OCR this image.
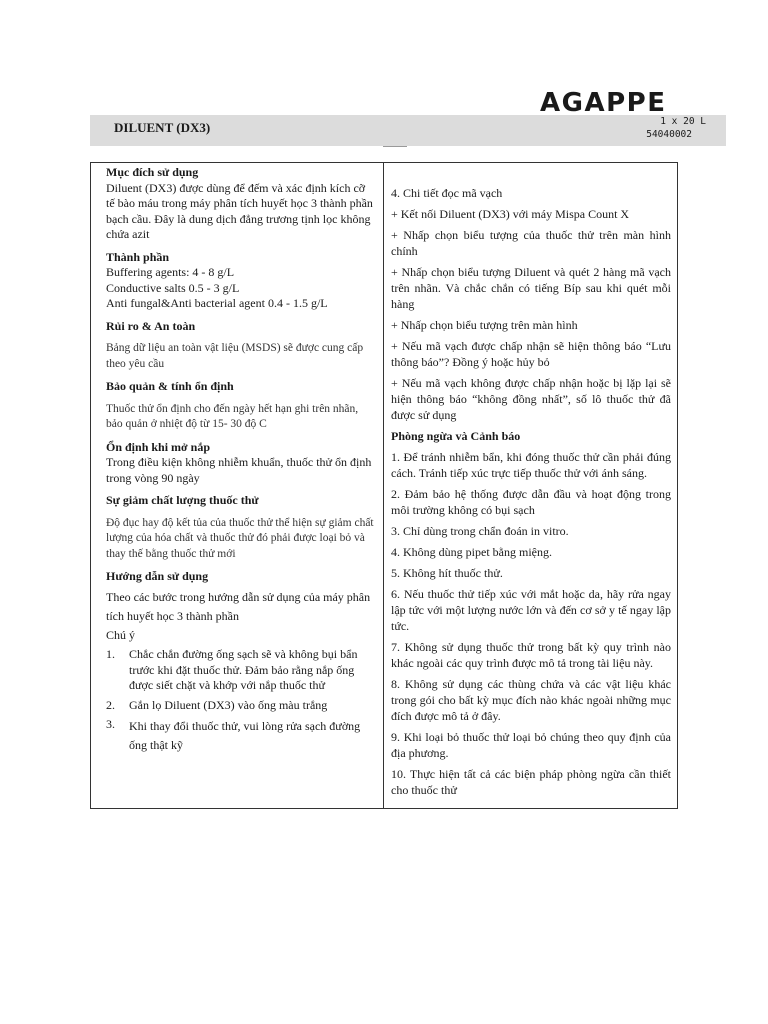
AGAPPE
DILUENT (DX3)	1 x 20 L
54040002

Mục đích sử dụng

Diluent (DX3) được dùng để đếm và xác định kích cỡ tế bào máu trong máy phân tích huyết học 3 thành phần bạch cầu. Đây là dung dịch đẳng trương tịnh lọc không chứa azit

Thành phần

Buffering agents: 4 - 8 g/L

Conductive salts 0.5 - 3 g/L

Anti fungal&Anti bacterial agent 0.4 - 1.5 g/L

Rủi ro & An toàn

Bảng dữ liệu an toàn vật liệu (MSDS) sẽ được cung cấp theo yêu cầu

Bảo quản & tính ổn định

Thuốc thử ổn định cho đến ngày hết hạn ghi trên nhãn, bảo quản ở nhiệt độ từ 15- 30 độ C

Ổn định khi mở nắp

Trong điều kiện không nhiễm khuẩn, thuốc thử ổn định trong vòng 90 ngày

Sự giảm chất lượng thuốc thử

Độ đục hay độ kết tủa của thuốc thử thể hiện sự giảm chất lượng của hóa chất và thuốc thử đó phải được loại bỏ và thay thế bằng thuốc thử mới

Hướng dẫn sử dụng

Theo các bước trong hướng dẫn sử dụng của máy phân tích huyết học 3 thành phần

Chú ý

1.	Chắc chắn đường ống sạch sẽ và không bụi bẩn trước khi đặt thuốc thử. Đảm bảo rằng nắp ống được siết chặt và khớp với nắp thuốc thử
2.	Gắn lọ Diluent (DX3) vào ống màu trắng
3.	Khi thay đổi thuốc thử, vui lòng rửa sạch đường ống thật kỹ

4. Chi tiết đọc mã vạch

+ Kết nối Diluent (DX3) với máy Mispa Count X

+ Nhấp chọn biểu tượng của thuốc thử trên màn hình chính

+ Nhấp chọn biểu tượng Diluent và quét 2 hàng mã vạch trên nhãn. Và chắc chắn có tiếng Bíp sau khi quét mỗi hàng

+ Nhấp chọn biểu tượng trên màn hình

+ Nếu mã vạch được chấp nhận sẽ hiện thông báo “Lưu thông báo”? Đồng ý hoặc hủy bỏ

+ Nếu mã vạch không được chấp nhận hoặc bị lặp lại sẽ hiện thông báo “không đồng nhất”, số lô thuốc thử đã được sử dụng

Phòng ngừa và Cảnh báo

1. Để tránh nhiễm bẩn, khi đóng thuốc thử cần phải đúng cách. Tránh tiếp xúc trực tiếp thuốc thử với ánh sáng.

2. Đảm bảo hệ thống được dẫn đầu và hoạt động trong môi trường không có bụi sạch

3. Chỉ dùng trong chẩn đoán in vitro.

4. Không dùng pipet bằng miệng.

5. Không hít thuốc thử.

6. Nếu thuốc thử tiếp xúc với mắt hoặc da, hãy rửa ngay lập tức với một lượng nước lớn và đến cơ sở y tế ngay lập tức.

7. Không sử dụng thuốc thử trong bất kỳ quy trình nào khác ngoài các quy trình được mô tả trong tài liệu này.

8. Không sử dụng các thùng chứa và các vật liệu khác trong gói cho bất kỳ mục đích nào khác ngoài những mục đích được mô tả ở đây.

9. Khi loại bỏ thuốc thử loại bỏ chúng theo quy định của địa phương.

10. Thực hiện tất cả các biện pháp phòng ngừa cần thiết cho thuốc thử
